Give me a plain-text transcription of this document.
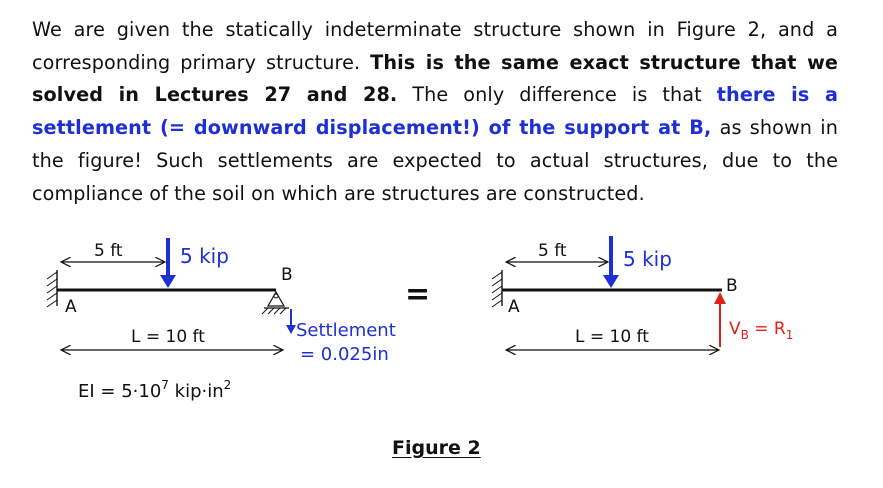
We are given the statically indeterminate structure shown in Figure 2, and a corresponding primary structure. This is the same exact structure that we solved in Lectures 27 and 28. The only difference is that there is a settlement (= downward displacement!) of the support at B, as shown in the figure! Such settlements are expected to actual structures, due to the compliance of the soil on which are structures are constructed.
5 ft	5 kip
A
B
Settlement
= 0.025in
L = 10 ft
EI = $5\cdot 10^7$ $kip\cdot in^2$
=
5 ft	5 kip
A
B
$V_B = R_1$
L = 10 ft
Figure 2
